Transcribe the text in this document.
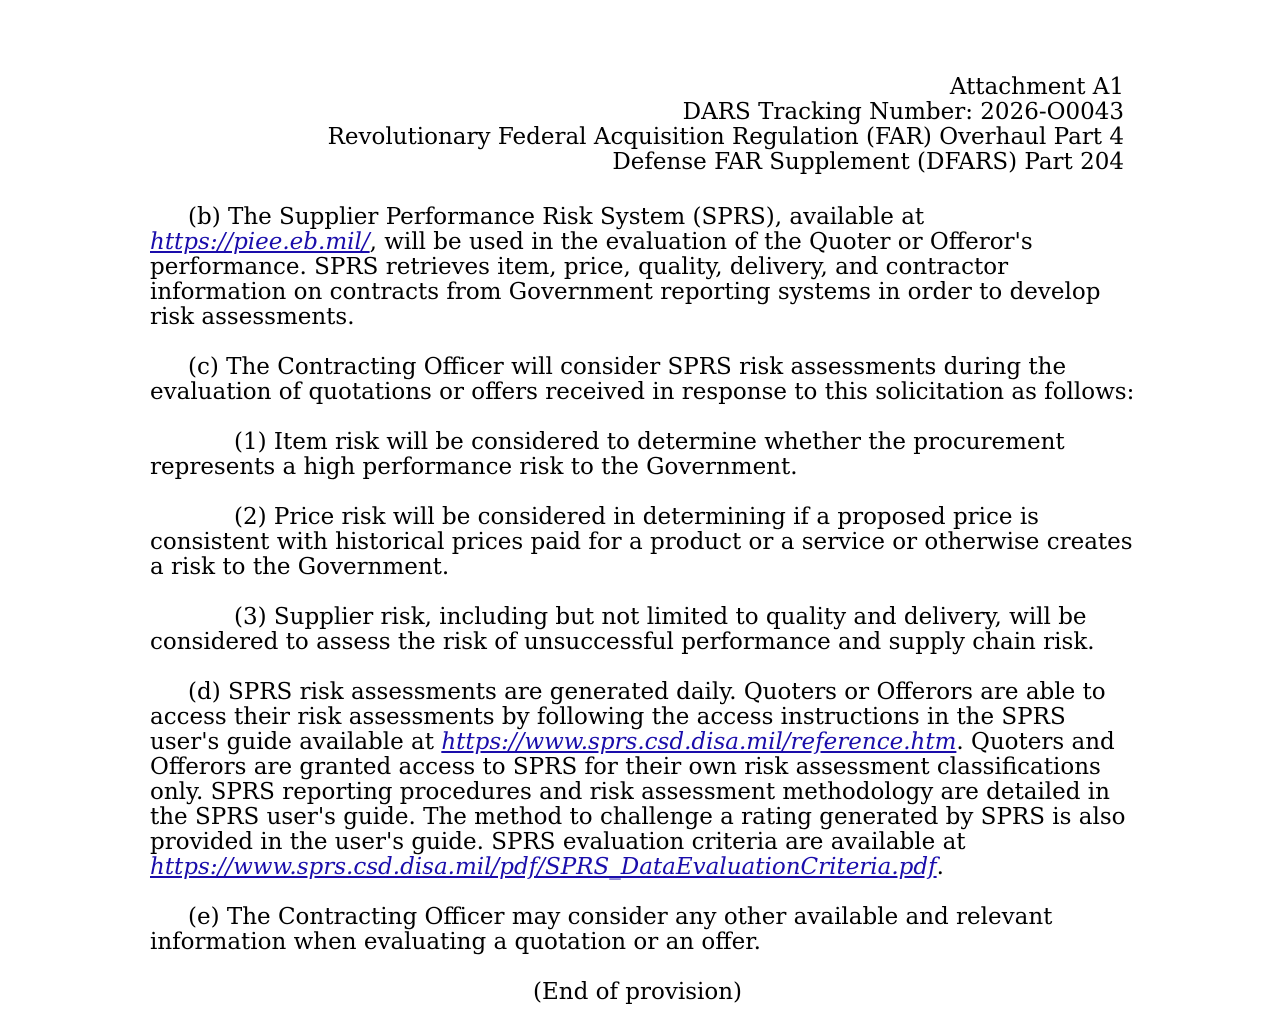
Attachment A1
DARS Tracking Number: 2026-O0043
Revolutionary Federal Acquisition Regulation (FAR) Overhaul Part 4
Defense FAR Supplement (DFARS) Part 204
(b) The Supplier Performance Risk System (SPRS), available at
https://piee.eb.mil/, will be used in the evaluation of the Quoter or Offeror's
performance. SPRS retrieves item, price, quality, delivery, and contractor
information on contracts from Government reporting systems in order to develop
risk assessments.
(c) The Contracting Officer will consider SPRS risk assessments during the
evaluation of quotations or offers received in response to this solicitation as follows:
(1) Item risk will be considered to determine whether the procurement
represents a high performance risk to the Government.
(2) Price risk will be considered in determining if a proposed price is
consistent with historical prices paid for a product or a service or otherwise creates
a risk to the Government.
(3) Supplier risk, including but not limited to quality and delivery, will be
considered to assess the risk of unsuccessful performance and supply chain risk.
(d) SPRS risk assessments are generated daily. Quoters or Offerors are able to
access their risk assessments by following the access instructions in the SPRS
user's guide available at https://www.sprs.csd.disa.mil/reference.htm. Quoters and
Offerors are granted access to SPRS for their own risk assessment classifications
only. SPRS reporting procedures and risk assessment methodology are detailed in
the SPRS user's guide. The method to challenge a rating generated by SPRS is also
provided in the user's guide. SPRS evaluation criteria are available at
https://www.sprs.csd.disa.mil/pdf/SPRS_DataEvaluationCriteria.pdf.
(e) The Contracting Officer may consider any other available and relevant
information when evaluating a quotation or an offer.
(End of provision)
